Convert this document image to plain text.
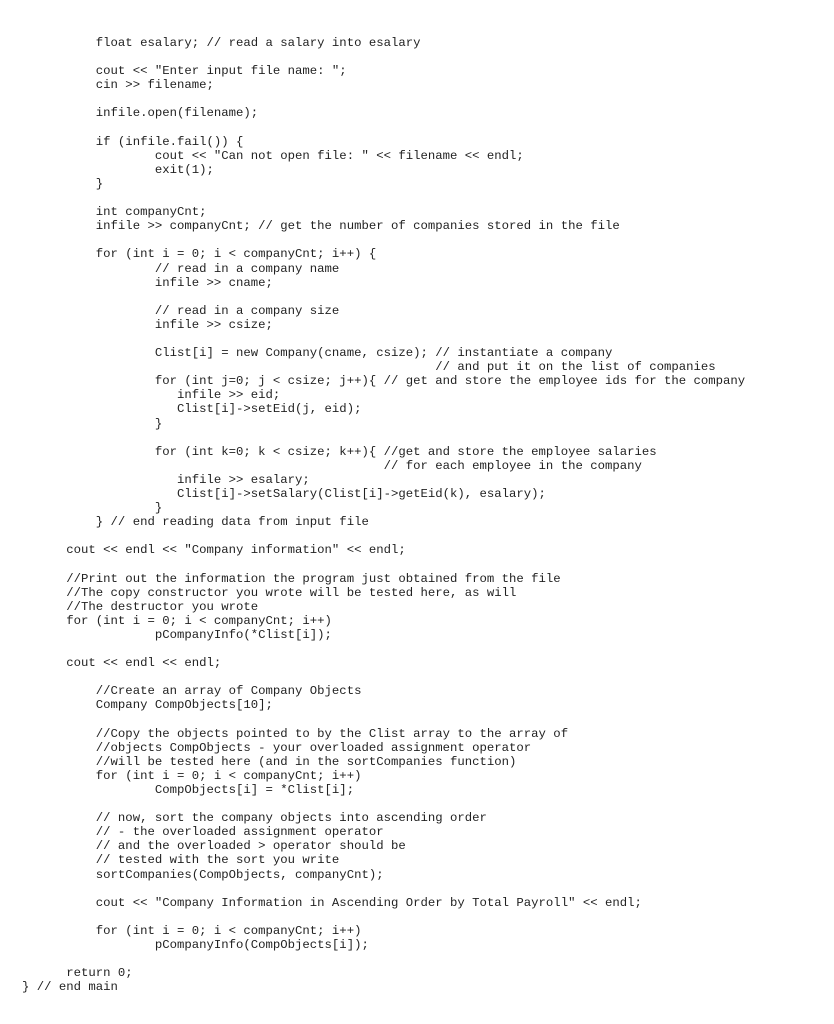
float esalary; // read a salary into esalary
cout << "Enter input file name: ";
cin >> filename;
infile.open(filename);
if (infile.fail()) {
cout << "Can not open file: " << filename << endl;
exit(1);
}
int companyCnt;
infile >> companyCnt; // get the number of companies stored in the file
for (int i = 0; i < companyCnt; i++) {
// read in a company name
infile >> cname;
// read in a company size
infile >> csize;
Clist[i] = new Company(cname, csize); // instantiate a company
// and put it on the list of companies
for (int j=0; j < csize; j++){ // get and store the employee ids for the company
infile >> eid;
Clist[i]->setEid(j, eid);
}
for (int k=0; k < csize; k++){ //get and store the employee salaries
// for each employee in the company
infile >> esalary;
Clist[i]->setSalary(Clist[i]->getEid(k), esalary);
}
} // end reading data from input file
cout << endl << "Company information" << endl;
//Print out the information the program just obtained from the file
//The copy constructor you wrote will be tested here, as will
//The destructor you wrote
for (int i = 0; i < companyCnt; i++)
pCompanyInfo(*Clist[i]);
cout << endl << endl;
//Create an array of Company Objects
Company CompObjects[10];
//Copy the objects pointed to by the Clist array to the array of
//objects CompObjects - your overloaded assignment operator
//will be tested here (and in the sortCompanies function)
for (int i = 0; i < companyCnt; i++)
CompObjects[i] = *Clist[i];
// now, sort the company objects into ascending order
// - the overloaded assignment operator
// and the overloaded > operator should be
// tested with the sort you write
sortCompanies(CompObjects, companyCnt);
cout << "Company Information in Ascending Order by Total Payroll" << endl;
for (int i = 0; i < companyCnt; i++)
pCompanyInfo(CompObjects[i]);
return 0;
} // end main
